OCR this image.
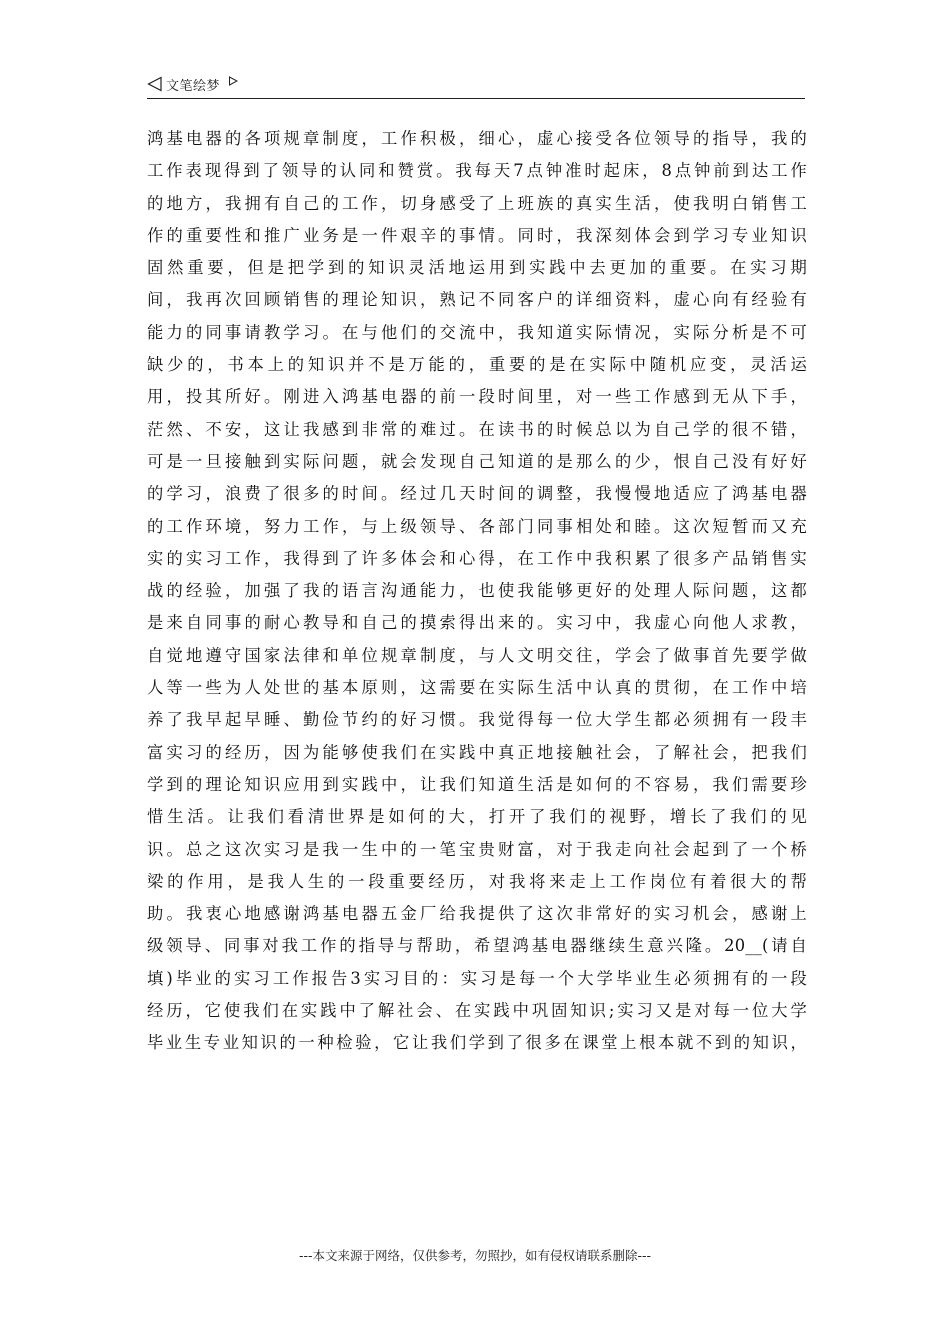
文笔绘梦
鸿基电器的各项规章制度，工作积极，细心，虚心接受各位领导的指导，我的
工作表现得到了领导的认同和赞赏。我每天7点钟准时起床，8点钟前到达工作
的地方，我拥有自己的工作，切身感受了上班族的真实生活，使我明白销售工
作的重要性和推广业务是一件艰辛的事情。同时，我深刻体会到学习专业知识
固然重要，但是把学到的知识灵活地运用到实践中去更加的重要。在实习期
间，我再次回顾销售的理论知识，熟记不同客户的详细资料，虚心向有经验有
能力的同事请教学习。在与他们的交流中，我知道实际情况，实际分析是不可
缺少的，书本上的知识并不是万能的，重要的是在实际中随机应变，灵活运
用，投其所好。刚进入鸿基电器的前一段时间里，对一些工作感到无从下手，
茫然、不安，这让我感到非常的难过。在读书的时候总以为自己学的很不错，
可是一旦接触到实际问题，就会发现自己知道的是那么的少，恨自己没有好好
的学习，浪费了很多的时间。经过几天时间的调整，我慢慢地适应了鸿基电器
的工作环境，努力工作，与上级领导、各部门同事相处和睦。这次短暂而又充
实的实习工作，我得到了许多体会和心得，在工作中我积累了很多产品销售实
战的经验，加强了我的语言沟通能力，也使我能够更好的处理人际问题，这都
是来自同事的耐心教导和自己的摸索得出来的。实习中，我虚心向他人求教，
自觉地遵守国家法律和单位规章制度，与人文明交往，学会了做事首先要学做
人等一些为人处世的基本原则，这需要在实际生活中认真的贯彻，在工作中培
养了我早起早睡、勤俭节约的好习惯。我觉得每一位大学生都必须拥有一段丰
富实习的经历，因为能够使我们在实践中真正地接触社会，了解社会，把我们
学到的理论知识应用到实践中，让我们知道生活是如何的不容易，我们需要珍
惜生活。让我们看清世界是如何的大，打开了我们的视野，增长了我们的见
识。总之这次实习是我一生中的一笔宝贵财富，对于我走向社会起到了一个桥
梁的作用，是我人生的一段重要经历，对我将来走上工作岗位有着很大的帮
助。我衷心地感谢鸿基电器五金厂给我提供了这次非常好的实习机会，感谢上
级领导、同事对我工作的指导与帮助，希望鸿基电器继续生意兴隆。20__(请自
填)毕业的实习工作报告3实习目的：实习是每一个大学毕业生必须拥有的一段
经历，它使我们在实践中了解社会、在实践中巩固知识;实习又是对每一位大学
毕业生专业知识的一种检验，它让我们学到了很多在课堂上根本就不到的知识，
---本文来源于网络，仅供参考，勿照抄，如有侵权请联系删除---
